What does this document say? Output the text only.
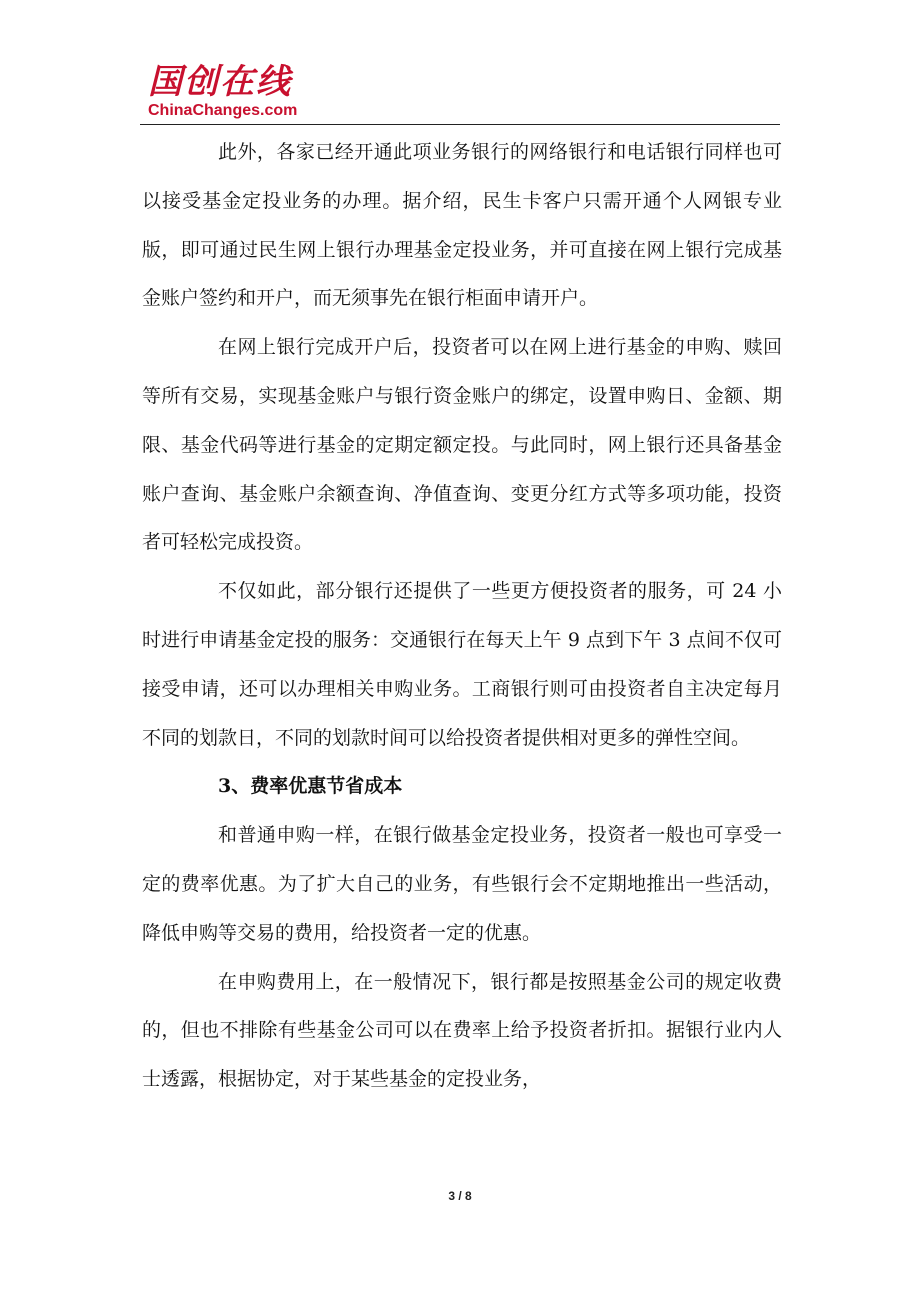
国创在线
ChinaChanges.com

此外，各家已经开通此项业务银行的网络银行和电话银行同样也可以接受基金定投业务的办理。据介绍，民生卡客户只需开通个人网银专业版，即可通过民生网上银行办理基金定投业务，并可直接在网上银行完成基金账户签约和开户，而无须事先在银行柜面申请开户。

在网上银行完成开户后，投资者可以在网上进行基金的申购、赎回等所有交易，实现基金账户与银行资金账户的绑定，设置申购日、金额、期限、基金代码等进行基金的定期定额定投。与此同时，网上银行还具备基金账户查询、基金账户余额查询、净值查询、变更分红方式等多项功能，投资者可轻松完成投资。

不仅如此，部分银行还提供了一些更方便投资者的服务，可 24 小时进行申请基金定投的服务：交通银行在每天上午 9 点到下午 3 点间不仅可接受申请，还可以办理相关申购业务。工商银行则可由投资者自主决定每月不同的划款日，不同的划款时间可以给投资者提供相对更多的弹性空间。

3、费率优惠节省成本

和普通申购一样，在银行做基金定投业务，投资者一般也可享受一定的费率优惠。为了扩大自己的业务，有些银行会不定期地推出一些活动，降低申购等交易的费用，给投资者一定的优惠。

在申购费用上，在一般情况下，银行都是按照基金公司的规定收费的，但也不排除有些基金公司可以在费率上给予投资者折扣。据银行业内人士透露，根据协定，对于某些基金的定投业务，

3 / 8
